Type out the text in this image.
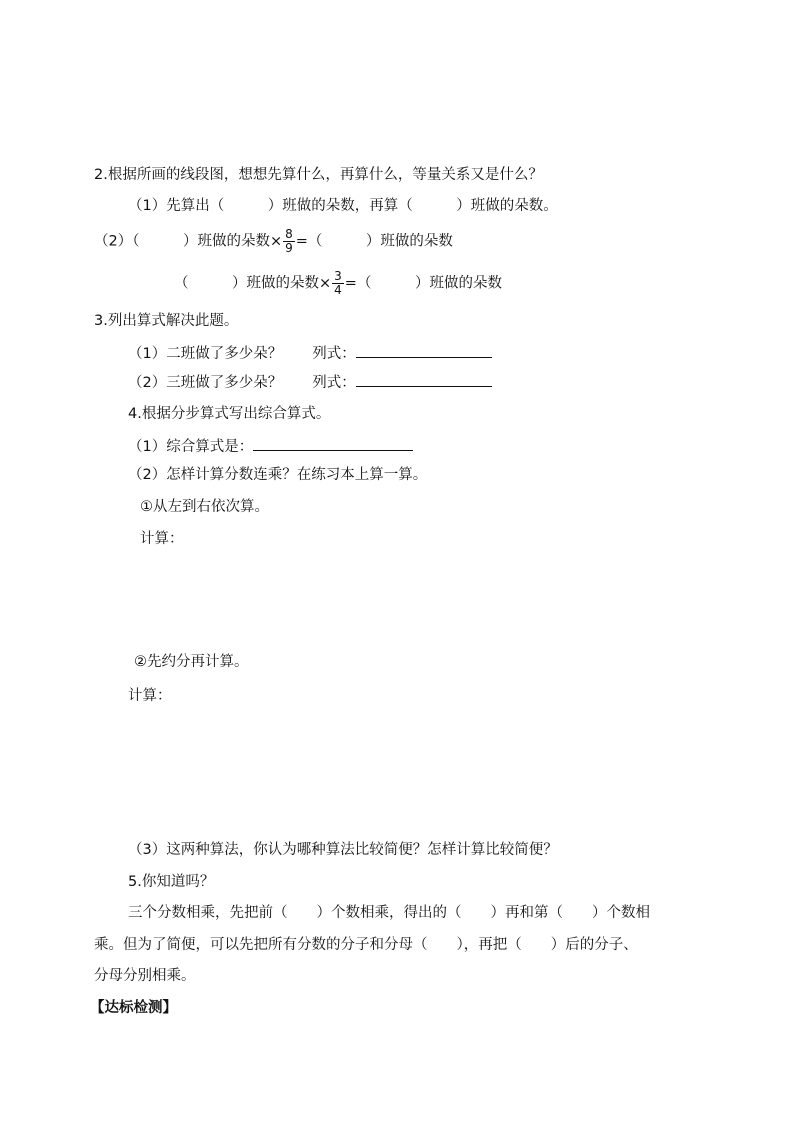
2.根据所画的线段图，想想先算什么，再算什么，等量关系又是什么？
（1）先算出（　　　）班做的朵数，再算（　　　）班做的朵数。
（2）（　　　）班做的朵数× $\frac{8}{9}$ =（　　　）班做的朵数
（　　　）班做的朵数× $\frac{3}{4}$ =（　　　）班做的朵数
3.列出算式解决此题。
（1）二班做了多少朵？ 列式：
（2）三班做了多少朵？ 列式：
4.根据分步算式写出综合算式。
（1）综合算式是：
（2）怎样计算分数连乘？在练习本上算一算。
①从左到右依次算。
计算：
②先约分再计算。
计算：
（3）这两种算法，你认为哪种算法比较简便？怎样计算比较简便？
5.你知道吗？
三个分数相乘，先把前（　　）个数相乘，得出的（　　）再和第（　　）个数相
乘。但为了简便，可以先把所有分数的分子和分母（　　），再把（　　）后的分子、
分母分别相乘。
【达标检测】
